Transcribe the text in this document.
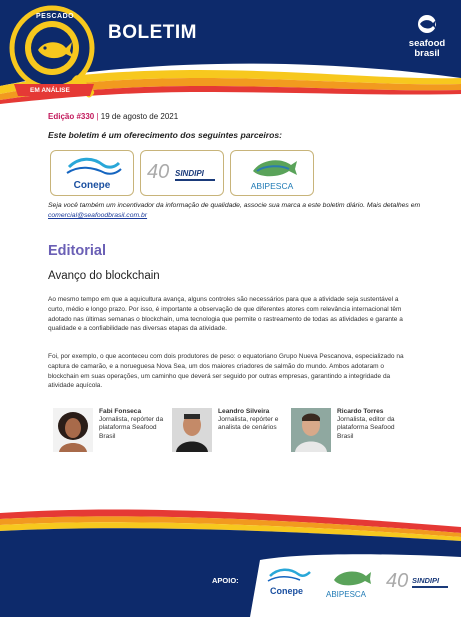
PESCADO
EM ANÁLISE
BOLETIM
seafood
brasil
Edição #330 | 19 de agosto de 2021
Este boletim é um oferecimento dos seguintes parceiros:
Conepe
40 SINDIPI
ABIPESCA
Seja você também um incentivador da informação de qualidade, associe sua marca a este boletim diário. Mais detalhes em comercial@seafoodbrasil.com.br
Editorial
Avanço do blockchain
Ao mesmo tempo em que a aquicultura avança, alguns controles são necessários para que a atividade seja sustentável a curto, médio e longo prazo. Por isso, é importante a observação de que diferentes atores com relevância internacional têm adotado nas últimas semanas o blockchain, uma tecnologia que permite o rastreamento de todas as atividades e garante a qualidade e a confiabilidade nas diversas etapas da atividade.
Foi, por exemplo, o que aconteceu com dois produtores de peso: o equatoriano Grupo Nueva Pescanova, especializado na captura de camarão, e a norueguesa Nova Sea, um dos maiores criadores de salmão do mundo. Ambos adotaram o blockchain em suas operações, um caminho que deverá ser seguido por outras empresas, garantindo a integridade da atividade aquícola.
Fabi Fonseca
Jornalista, repórter da plataforma Seafood Brasil
Leandro Silveira
Jornalista, repórter e analista de cenários
Ricardo Torres
Jornalista, editor da plataforma Seafood Brasil
APOIO:
Conepe	ABIPESCA
40 SINDIPI
